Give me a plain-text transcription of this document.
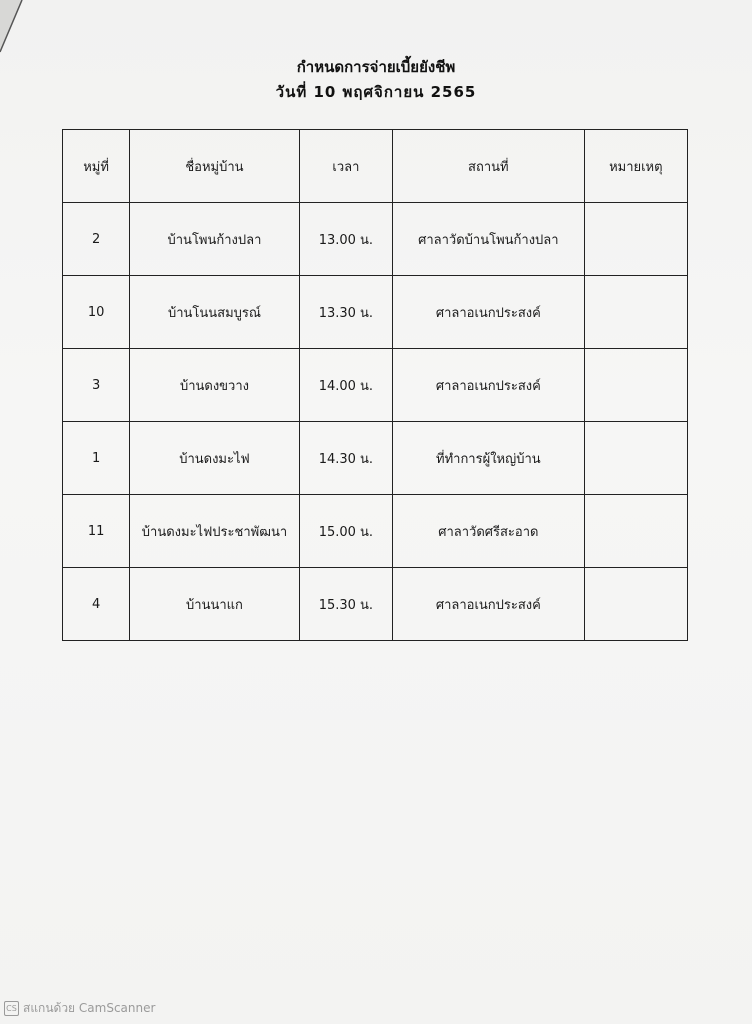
กำหนดการจ่ายเบี้ยยังชีพ
วันที่ 10 พฤศจิกายน 2565
หมู่ที่	ชื่อหมู่บ้าน	เวลา	สถานที่	หมายเหตุ
2	บ้านโพนก้างปลา	13.00 น.	ศาลาวัดบ้านโพนก้างปลา	
10	บ้านโนนสมบูรณ์	13.30 น.	ศาลาอเนกประสงค์	
3	บ้านดงขวาง	14.00 น.	ศาลาอเนกประสงค์	
1	บ้านดงมะไฟ	14.30 น.	ที่ทำการผู้ใหญ่บ้าน	
11	บ้านดงมะไฟประชาพัฒนา	15.00 น.	ศาลาวัดศรีสะอาด	
4	บ้านนาแก	15.30 น.	ศาลาอเนกประสงค์	
CS สแกนด้วย CamScanner
